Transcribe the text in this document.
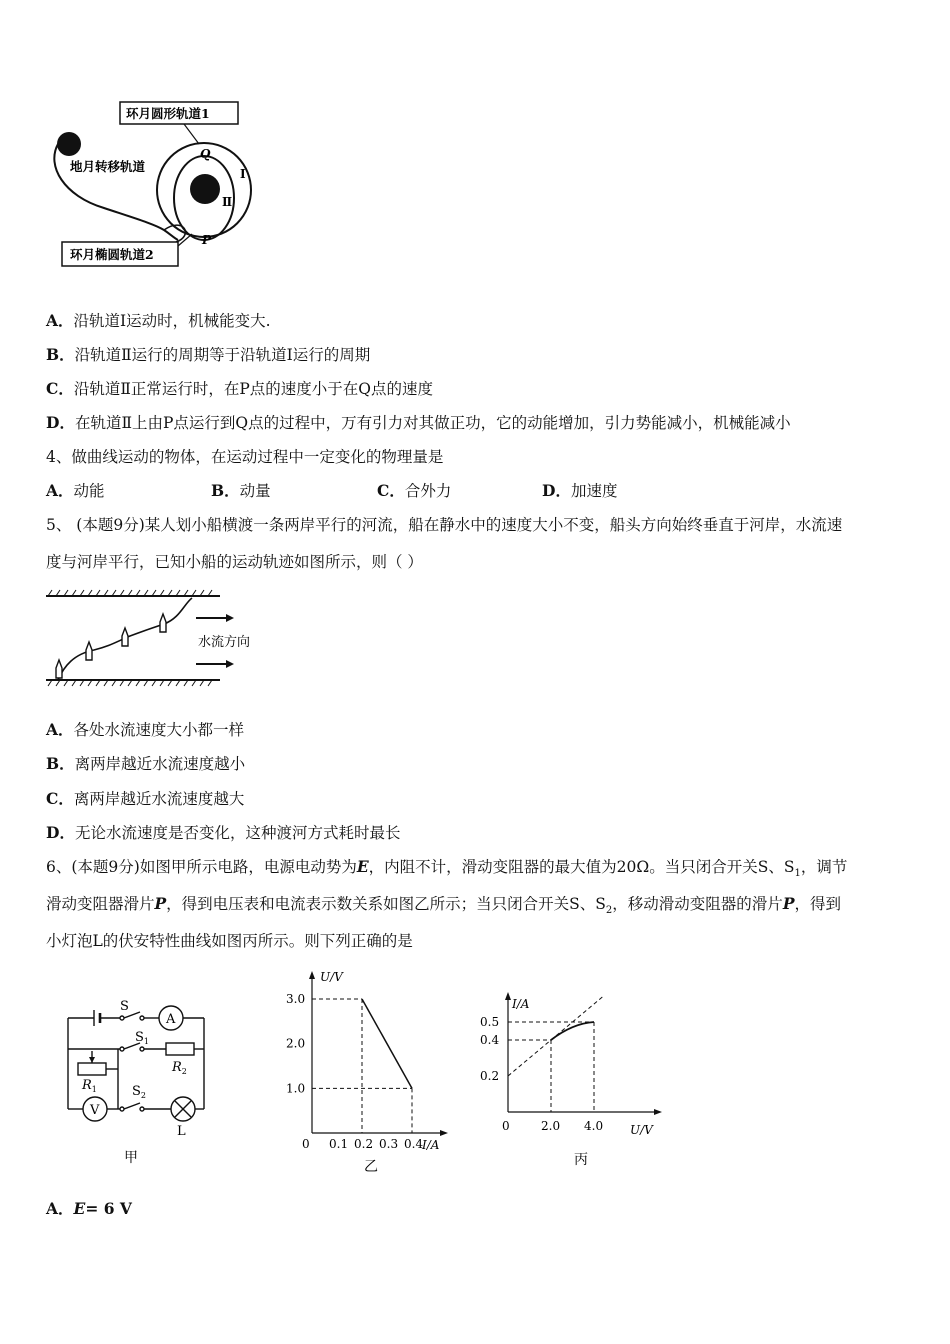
环月圆形轨道1
地月转移轨道
环月椭圆轨道2
Q
P
I
Ⅱ
A．沿轨道Ⅰ运动时，机械能变大.
B．沿轨道Ⅱ运行的周期等于沿轨道Ⅰ运行的周期
C．沿轨道Ⅱ正常运行时，在P点的速度小于在Q点的速度
D．在轨道Ⅱ上由P点运行到Q点的过程中，万有引力对其做正功，它的动能增加，引力势能减小，机械能减小
4、做曲线运动的物体，在运动过程中一定变化的物理量是
A．动能	B．动量	C．合外力	D．加速度
5、 (本题9分)某人划小船横渡一条两岸平行的河流，船在静水中的速度大小不变，船头方向始终垂直于河岸，水流速
度与河岸平行，已知小船的运动轨迹如图所示，则（ ）
水流方向
A．各处水流速度大小都一样
B．离两岸越近水流速度越小
C．离两岸越近水流速度越大
D．无论水流速度是否变化，这种渡河方式耗时最长
6、(本题9分)如图甲所示电路，电源电动势为E，内阻不计，滑动变阻器的最大值为20Ω。当只闭合开关S、$S_1$，调节
滑动变阻器滑片P，得到电压表和电流表示数关系如图乙所示；当只闭合开关S、$S_2$，移动滑动变阻器的滑片P，得到
小灯泡L的伏安特性曲线如图丙所示。则下列正确的是
S
A
$S_1$
$R_2$
$R_1$	$S_2$
V
L
甲
0 0.1 0.2 0.3 0.4
1.0
2.0
3.0
I/A
U/V
乙
0	2.0 4.0
0.2
0.4
0.5
U/V
I/A
丙
A．E= 6 V
